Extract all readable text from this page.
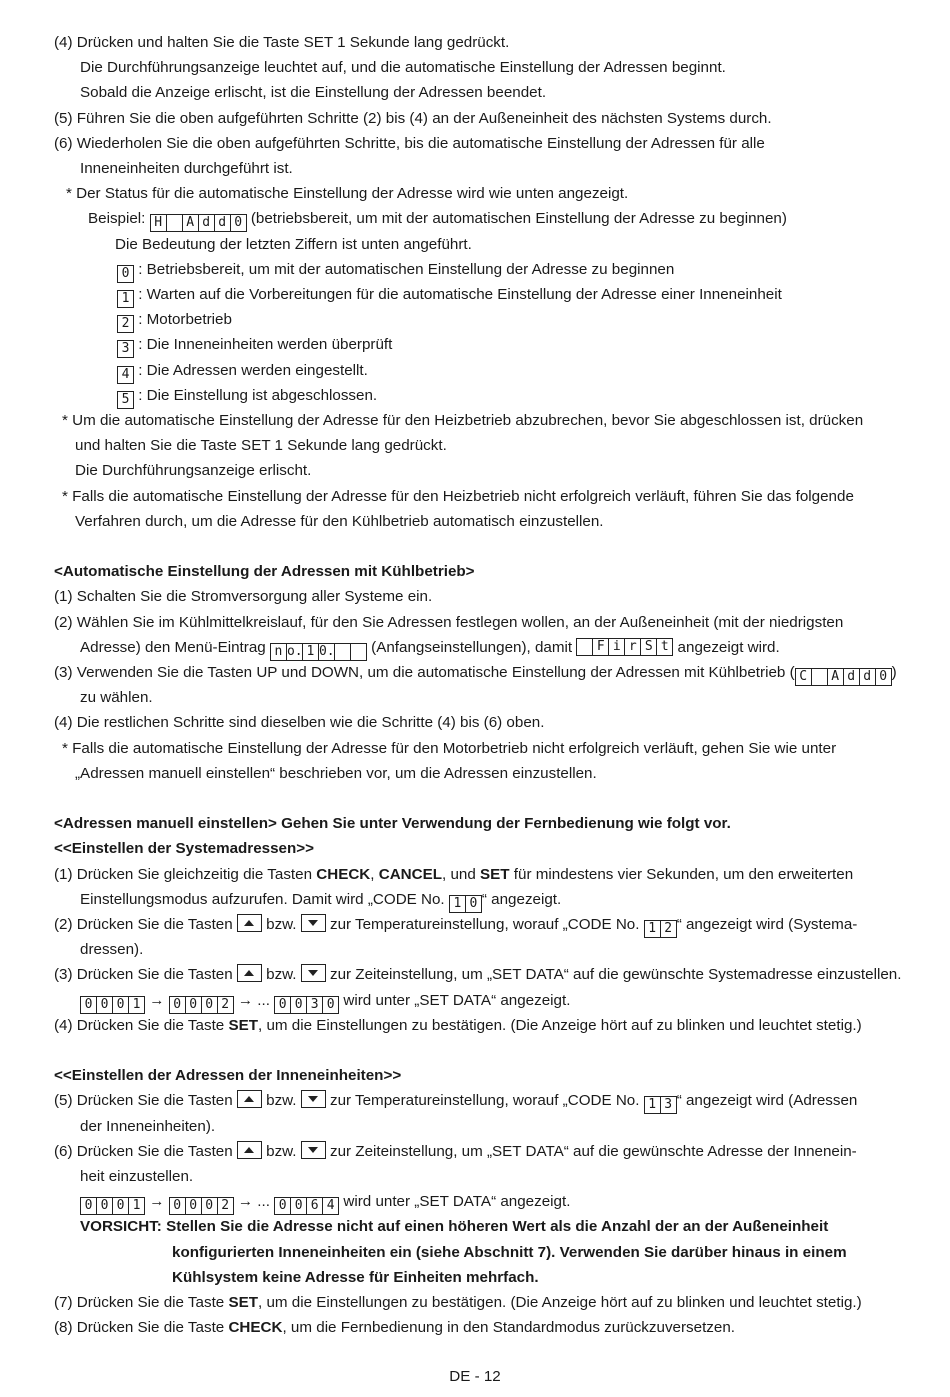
(4) Drücken und halten Sie die Taste SET 1 Sekunde lang gedrückt.
Die Durchführungsanzeige leuchtet auf, und die automatische Einstellung der Adressen beginnt.
Sobald die Anzeige erlischt, ist die Einstellung der Adressen beendet.
(5) Führen Sie die oben aufgeführten Schritte (2) bis (4) an der Außeneinheit des nächsten Systems durch.
(6) Wiederholen Sie die oben aufgeführten Schritte, bis die automatische Einstellung der Adressen für alle
Inneneinheiten durchgeführt ist.
* Der Status für die automatische Einstellung der Adresse wird wie unten angezeigt.
Beispiel: H	A d d 0 (betriebsbereit, um mit der automatischen Einstellung der Adresse zu beginnen)
Die Bedeutung der letzten Ziffern ist unten angeführt.
0 : Betriebsbereit, um mit der automatischen Einstellung der Adresse zu beginnen
1 : Warten auf die Vorbereitungen für die automatische Einstellung der Adresse einer Inneneinheit
2 : Motorbetrieb
3 : Die Inneneinheiten werden überprüft
4 : Die Adressen werden eingestellt.
5 : Die Einstellung ist abgeschlossen.
* Um die automatische Einstellung der Adresse für den Heizbetrieb abzubrechen, bevor Sie abgeschlossen ist, drücken
und halten Sie die Taste SET 1 Sekunde lang gedrückt.
Die Durchführungsanzeige erlischt.
* Falls die automatische Einstellung der Adresse für den Heizbetrieb nicht erfolgreich verläuft, führen Sie das folgende
Verfahren durch, um die Adresse für den Kühlbetrieb automatisch einzustellen.
<Automatische Einstellung der Adressen mit Kühlbetrieb>
(1) Schalten Sie die Stromversorgung aller Systeme ein.
(2) Wählen Sie im Kühlmittelkreislauf, für den Sie Adressen festlegen wollen, an der Außeneinheit (mit der niedrigsten
Adresse) den Menü-Eintrag n o. 1 0. (Anfangseinstellungen), damit	F i r S t angezeigt wird.
(3) Verwenden Sie die Tasten UP und DOWN, um die automatische Einstellung der Adressen mit Kühlbetrieb ( C	A d d 0 )
zu wählen.
(4) Die restlichen Schritte sind dieselben wie die Schritte (4) bis (6) oben.
* Falls die automatische Einstellung der Adresse für den Motorbetrieb nicht erfolgreich verläuft, gehen Sie wie unter
„Adressen manuell einstellen“ beschrieben vor, um die Adressen einzustellen.
<Adressen manuell einstellen> Gehen Sie unter Verwendung der Fernbedienung wie folgt vor.
<<Einstellen der Systemadressen>>
(1) Drücken Sie gleichzeitig die Tasten CHECK, CANCEL, und SET für mindestens vier Sekunden, um den erweiterten
Einstellungsmodus aufzurufen. Damit wird „CODE No. 1 0 “ angezeigt.
(2) Drücken Sie die Tasten
bzw.
zur Temperatureinstellung, worauf „CODE No. 1 2 “ angezeigt wird (Systema-
dressen).
(3) Drücken Sie die Tasten
bzw.
zur Zeiteinstellung, um „SET DATA“ auf die gewünschte Systemadresse einzustellen.
0 0 0 1 → 0 0 0 2 → ... 0 0 3 0 wird unter „SET DATA“ angezeigt.
(4) Drücken Sie die Taste SET, um die Einstellungen zu bestätigen. (Die Anzeige hört auf zu blinken und leuchtet stetig.)
<<Einstellen der Adressen der Inneneinheiten>>
(5) Drücken Sie die Tasten
bzw.
zur Temperatureinstellung, worauf „CODE No. 1 3 “ angezeigt wird (Adressen
der Inneneinheiten).
(6) Drücken Sie die Tasten
bzw.
zur Zeiteinstellung, um „SET DATA“ auf die gewünschte Adresse der Innenein-
heit einzustellen.
0 0 0 1 → 0 0 0 2 → ... 0 0 6 4 wird unter „SET DATA“ angezeigt.
VORSICHT: Stellen Sie die Adresse nicht auf einen höheren Wert als die Anzahl der an der Außeneinheit
konfigurierten Inneneinheiten ein (siehe Abschnitt 7). Verwenden Sie darüber hinaus in einem
Kühlsystem keine Adresse für Einheiten mehrfach.
(7) Drücken Sie die Taste SET, um die Einstellungen zu bestätigen. (Die Anzeige hört auf zu blinken und leuchtet stetig.)
(8) Drücken Sie die Taste CHECK, um die Fernbedienung in den Standardmodus zurückzuversetzen.
DE - 12
